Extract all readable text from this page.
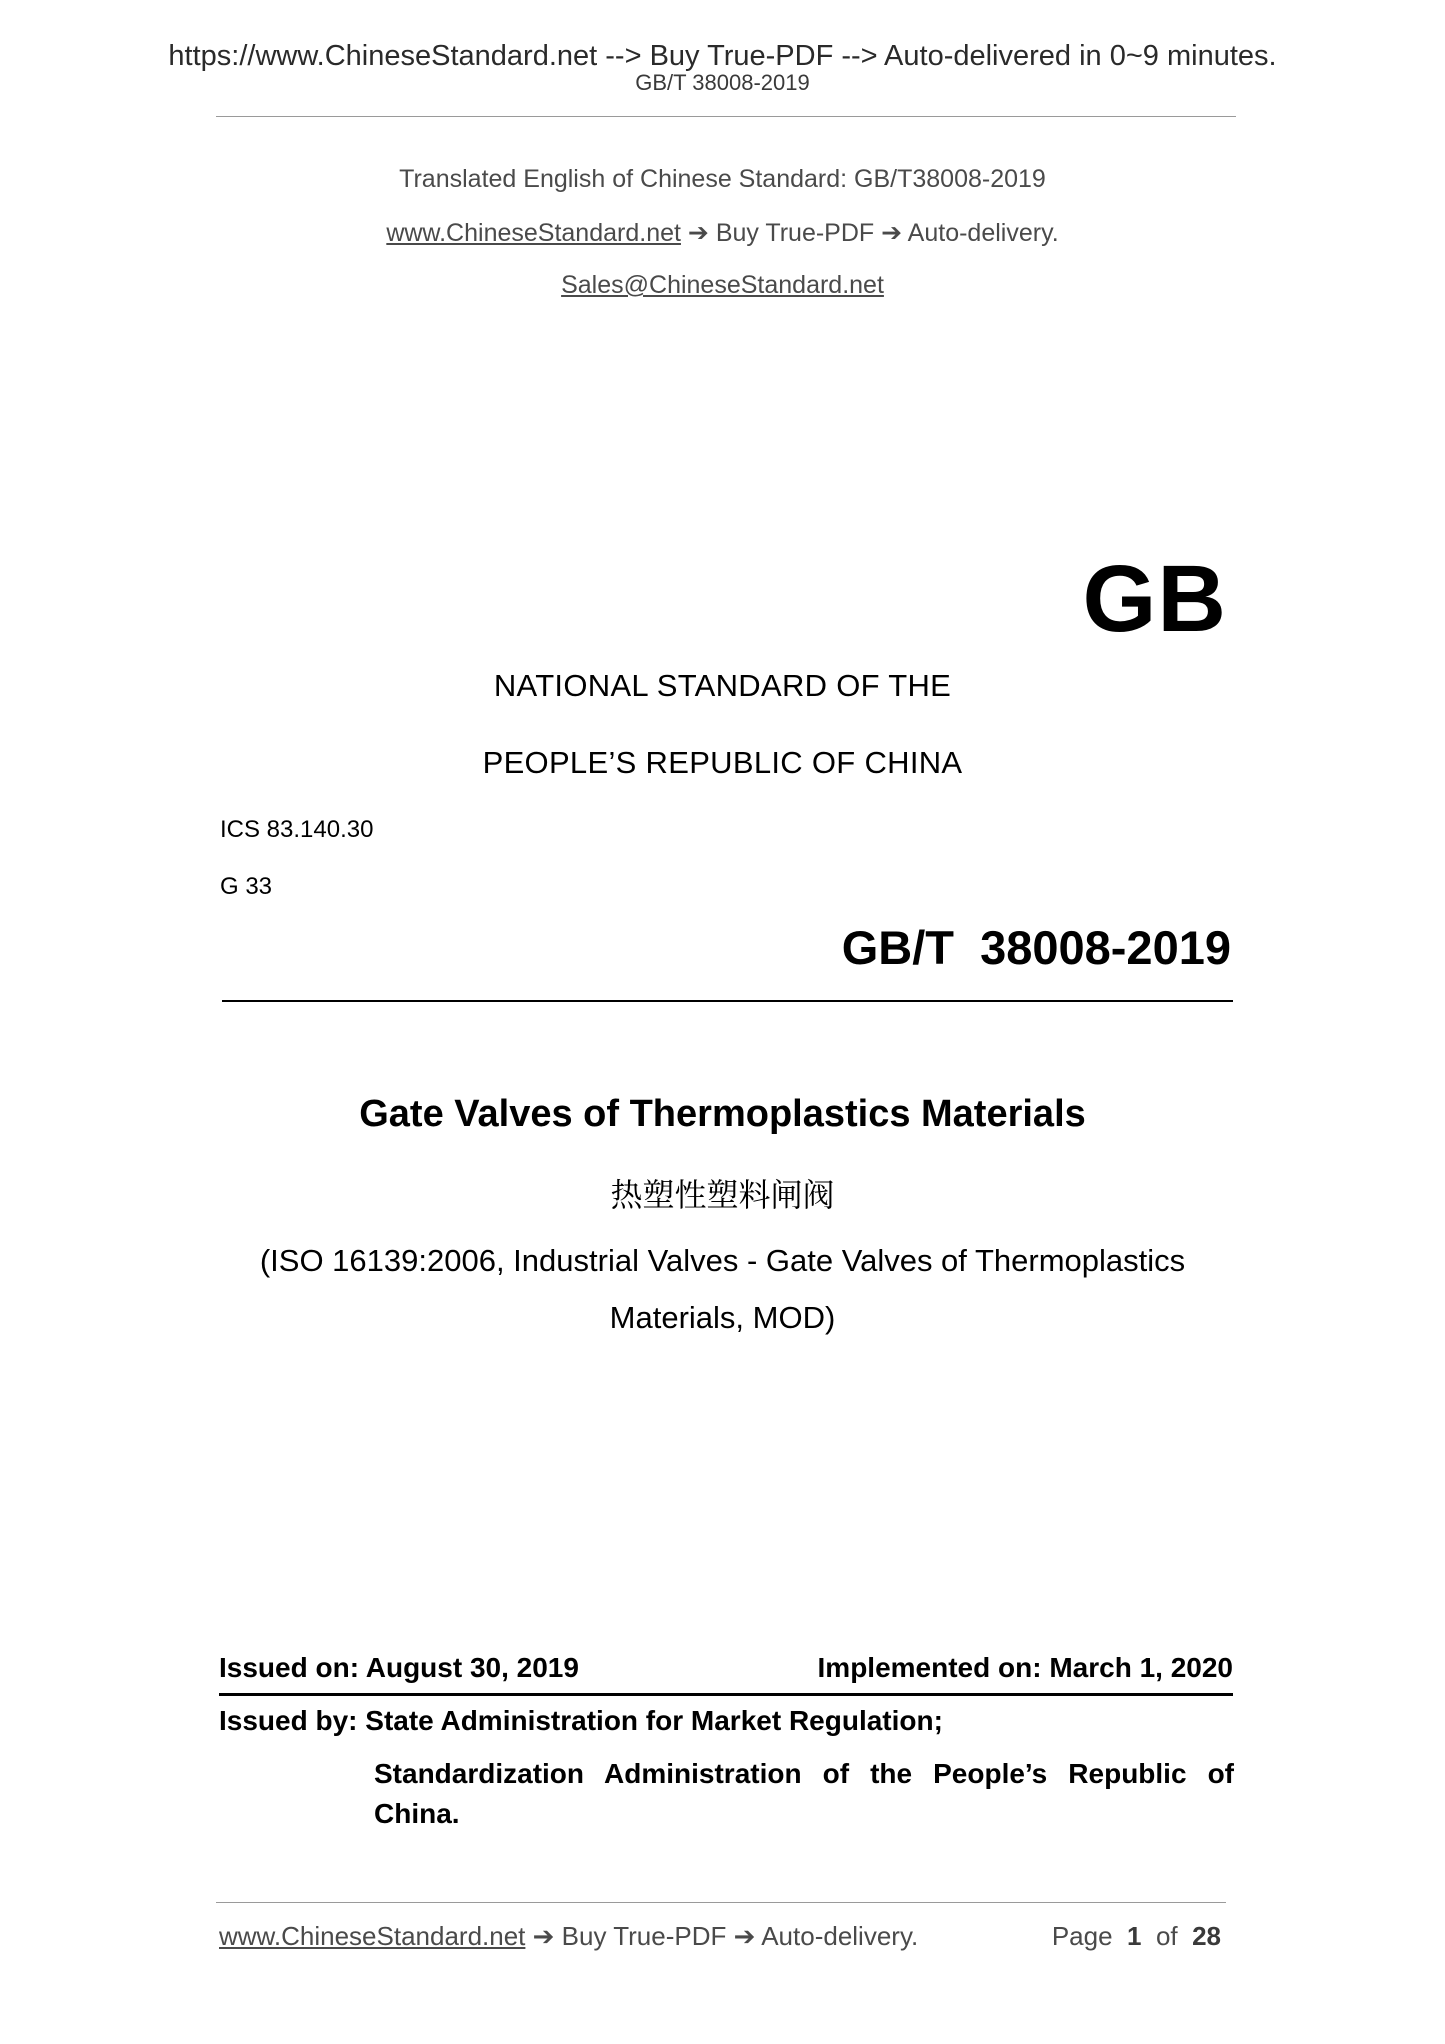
https://www.ChineseStandard.net --> Buy True-PDF --> Auto-delivered in 0~9 minutes.
GB/T 38008-2019
Translated English of Chinese Standard: GB/T38008-2019
www.ChineseStandard.net ➔ Buy True-PDF ➔ Auto-delivery.
Sales@ChineseStandard.net
GB
NATIONAL STANDARD OF THE
PEOPLE’S REPUBLIC OF CHINA
ICS 83.140.30
G 33
GB/T  38008-2019
Gate Valves of Thermoplastics Materials
热塑性塑料闸阀
(ISO 16139:2006, Industrial Valves - Gate Valves of Thermoplastics
Materials, MOD)
Issued on: August 30, 2019	Implemented on: March 1, 2020
Issued by: State Administration for Market Regulation;
Standardization Administration of the People’s Republic of
China.
www.ChineseStandard.net ➔ Buy True-PDF ➔ Auto-delivery.	Page 1 of 28
